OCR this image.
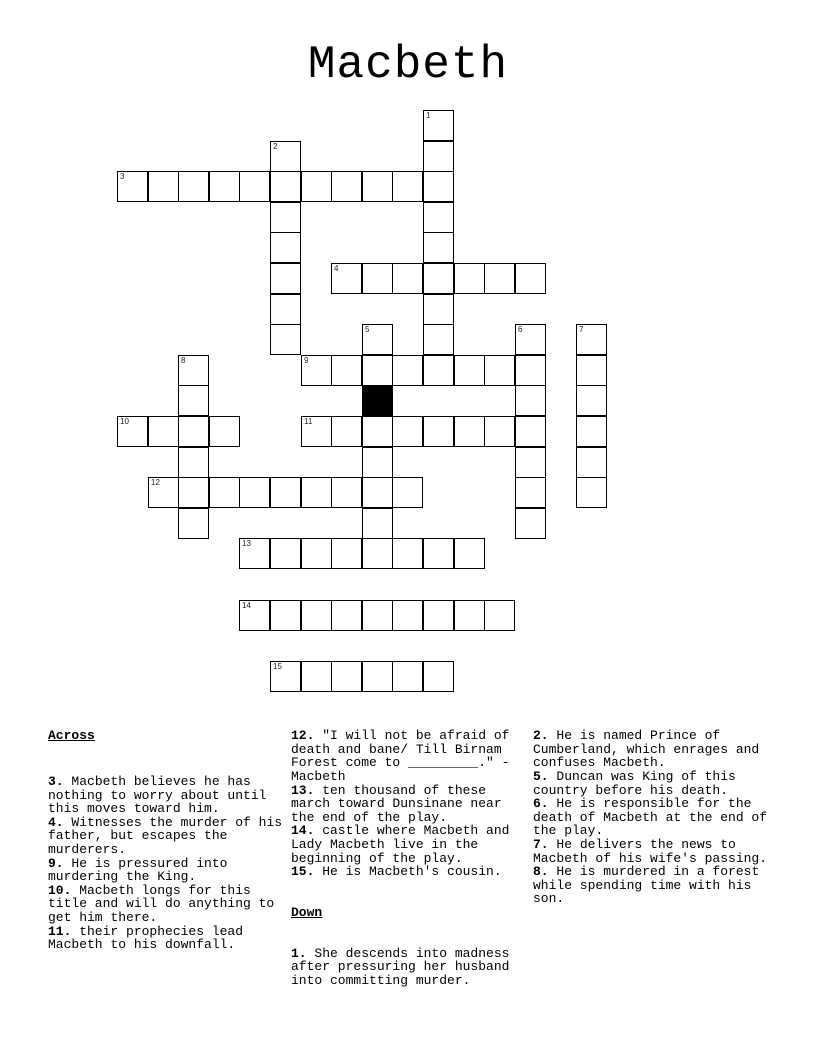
Macbeth
1
2
3
4
5	6	7
8	9
10	11
12
13
14
15

Across

3. Macbeth believes he has nothing to worry about until this moves toward him.
4. Witnesses the murder of his father, but escapes the murderers.
9. He is pressured into murdering the King.
10. Macbeth longs for this title and will do anything to get him there.
11. their prophecies lead Macbeth to his downfall.

12. "I will not be afraid of death and bane/ Till Birnam Forest come to _________." -Macbeth
13. ten thousand of these march toward Dunsinane near the end of the play.
14. castle where Macbeth and Lady Macbeth live in the beginning of the play.
15. He is Macbeth's cousin.

Down

1. She descends into madness after pressuring her husband into committing murder.

2. He is named Prince of Cumberland, which enrages and confuses Macbeth.
5. Duncan was King of this country before his death.
6. He is responsible for the death of Macbeth at the end of the play.
7. He delivers the news to Macbeth of his wife's passing.
8. He is murdered in a forest while spending time with his son.
